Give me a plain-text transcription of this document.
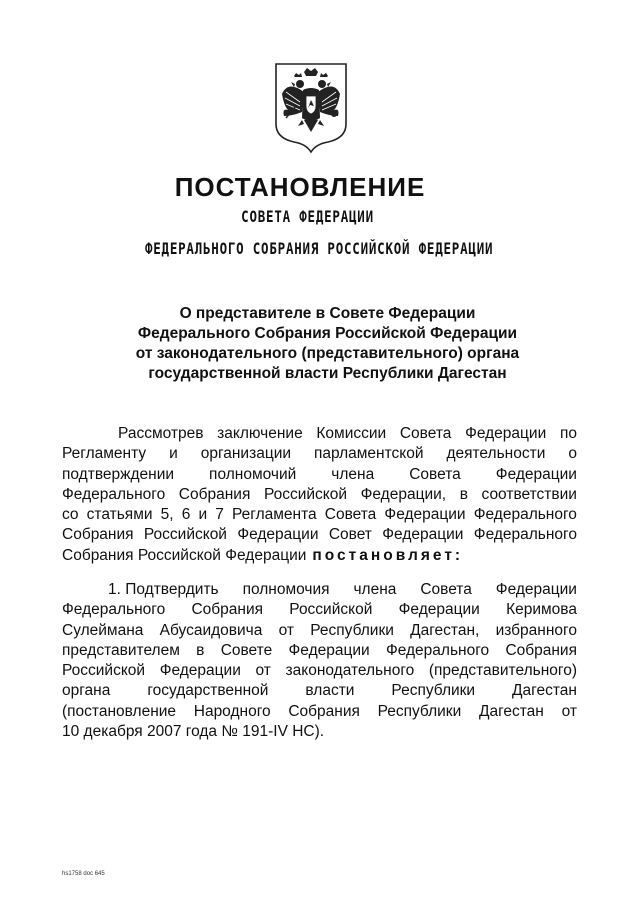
ПОСТАНОВЛЕНИЕ
СОВЕТА ФЕДЕРАЦИИ
ФЕДЕРАЛЬНОГО СОБРАНИЯ РОССИЙСКОЙ ФЕДЕРАЦИИ
О представителе в Совете Федерации
Федерального Собрания Российской Федерации
от законодательного (представительного) органа
государственной власти Республики Дагестан
Рассмотрев заключение Комиссии Совета Федерации по
Регламенту и организации парламентской деятельности о
подтверждении полномочий члена Совета Федерации
Федерального Собрания Российской Федерации, в соответствии
со статьями 5, 6 и 7 Регламента Совета Федерации Федерального
Собрания Российской Федерации Совет Федерации Федерального
Собрания Российской Федерации постановляет:
1. Подтвердить полномочия члена Совета Федерации
Федерального Собрания Российской Федерации Керимова
Сулеймана Абусаидовича от Республики Дагестан, избранного
представителем в Совете Федерации Федерального Собрания
Российской Федерации от законодательного (представительного)
органа государственной власти Республики Дагестан
(постановление Народного Собрания Республики Дагестан от
10 декабря 2007 года № 191-IV НС).
hs1758 doc 645
